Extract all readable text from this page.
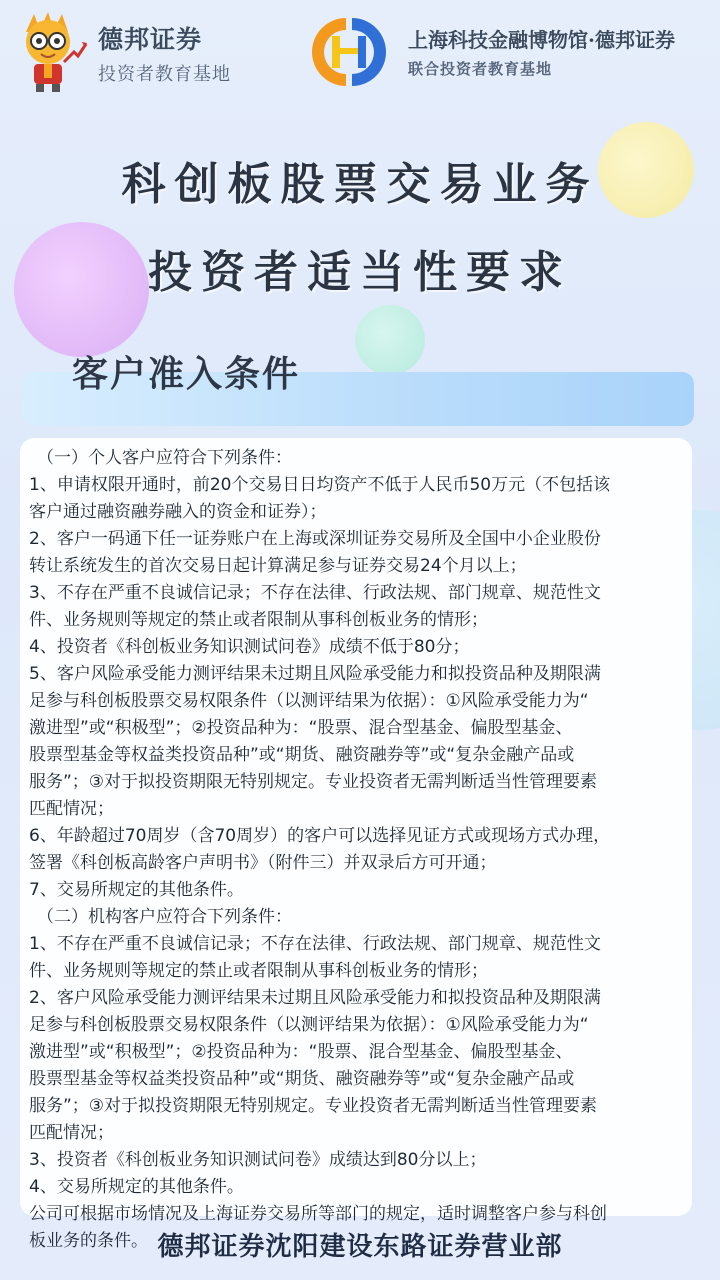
德邦证券
投资者教育基地
上海科技金融博物馆·德邦证券
联合投资者教育基地
科创板股票交易业务
投资者适当性要求
客户准入条件
（一）个人客户应符合下列条件：
1、申请权限开通时，前20个交易日日均资产不低于人民币50万元（不包括该
客户通过融资融券融入的资金和证券）；
2、客户一码通下任一证券账户在上海或深圳证券交易所及全国中小企业股份
转让系统发生的首次交易日起计算满足参与证券交易24个月以上；
3、不存在严重不良诚信记录；不存在法律、行政法规、部门规章、规范性文
件、业务规则等规定的禁止或者限制从事科创板业务的情形；
4、投资者《科创板业务知识测试问卷》成绩不低于80分；
5、客户风险承受能力测评结果未过期且风险承受能力和拟投资品种及期限满
足参与科创板股票交易权限条件（以测评结果为依据）：①风险承受能力为“
激进型”或“积极型”；②投资品种为：“股票、混合型基金、偏股型基金、
股票型基金等权益类投资品种”或“期货、融资融券等”或“复杂金融产品或
服务”；③对于拟投资期限无特别规定。专业投资者无需判断适当性管理要素
匹配情况；
6、年龄超过70周岁（含70周岁）的客户可以选择见证方式或现场方式办理，
签署《科创板高龄客户声明书》（附件三）并双录后方可开通；
7、交易所规定的其他条件。
（二）机构客户应符合下列条件：
1、不存在严重不良诚信记录；不存在法律、行政法规、部门规章、规范性文
件、业务规则等规定的禁止或者限制从事科创板业务的情形；
2、客户风险承受能力测评结果未过期且风险承受能力和拟投资品种及期限满
足参与科创板股票交易权限条件（以测评结果为依据）：①风险承受能力为“
激进型”或“积极型”；②投资品种为：“股票、混合型基金、偏股型基金、
股票型基金等权益类投资品种”或“期货、融资融券等”或“复杂金融产品或
服务”；③对于拟投资期限无特别规定。专业投资者无需判断适当性管理要素
匹配情况；
3、投资者《科创板业务知识测试问卷》成绩达到80分以上；
4、交易所规定的其他条件。
公司可根据市场情况及上海证券交易所等部门的规定，适时调整客户参与科创
板业务的条件。
POSITIONS
德邦证券沈阳建设东路证券营业部
